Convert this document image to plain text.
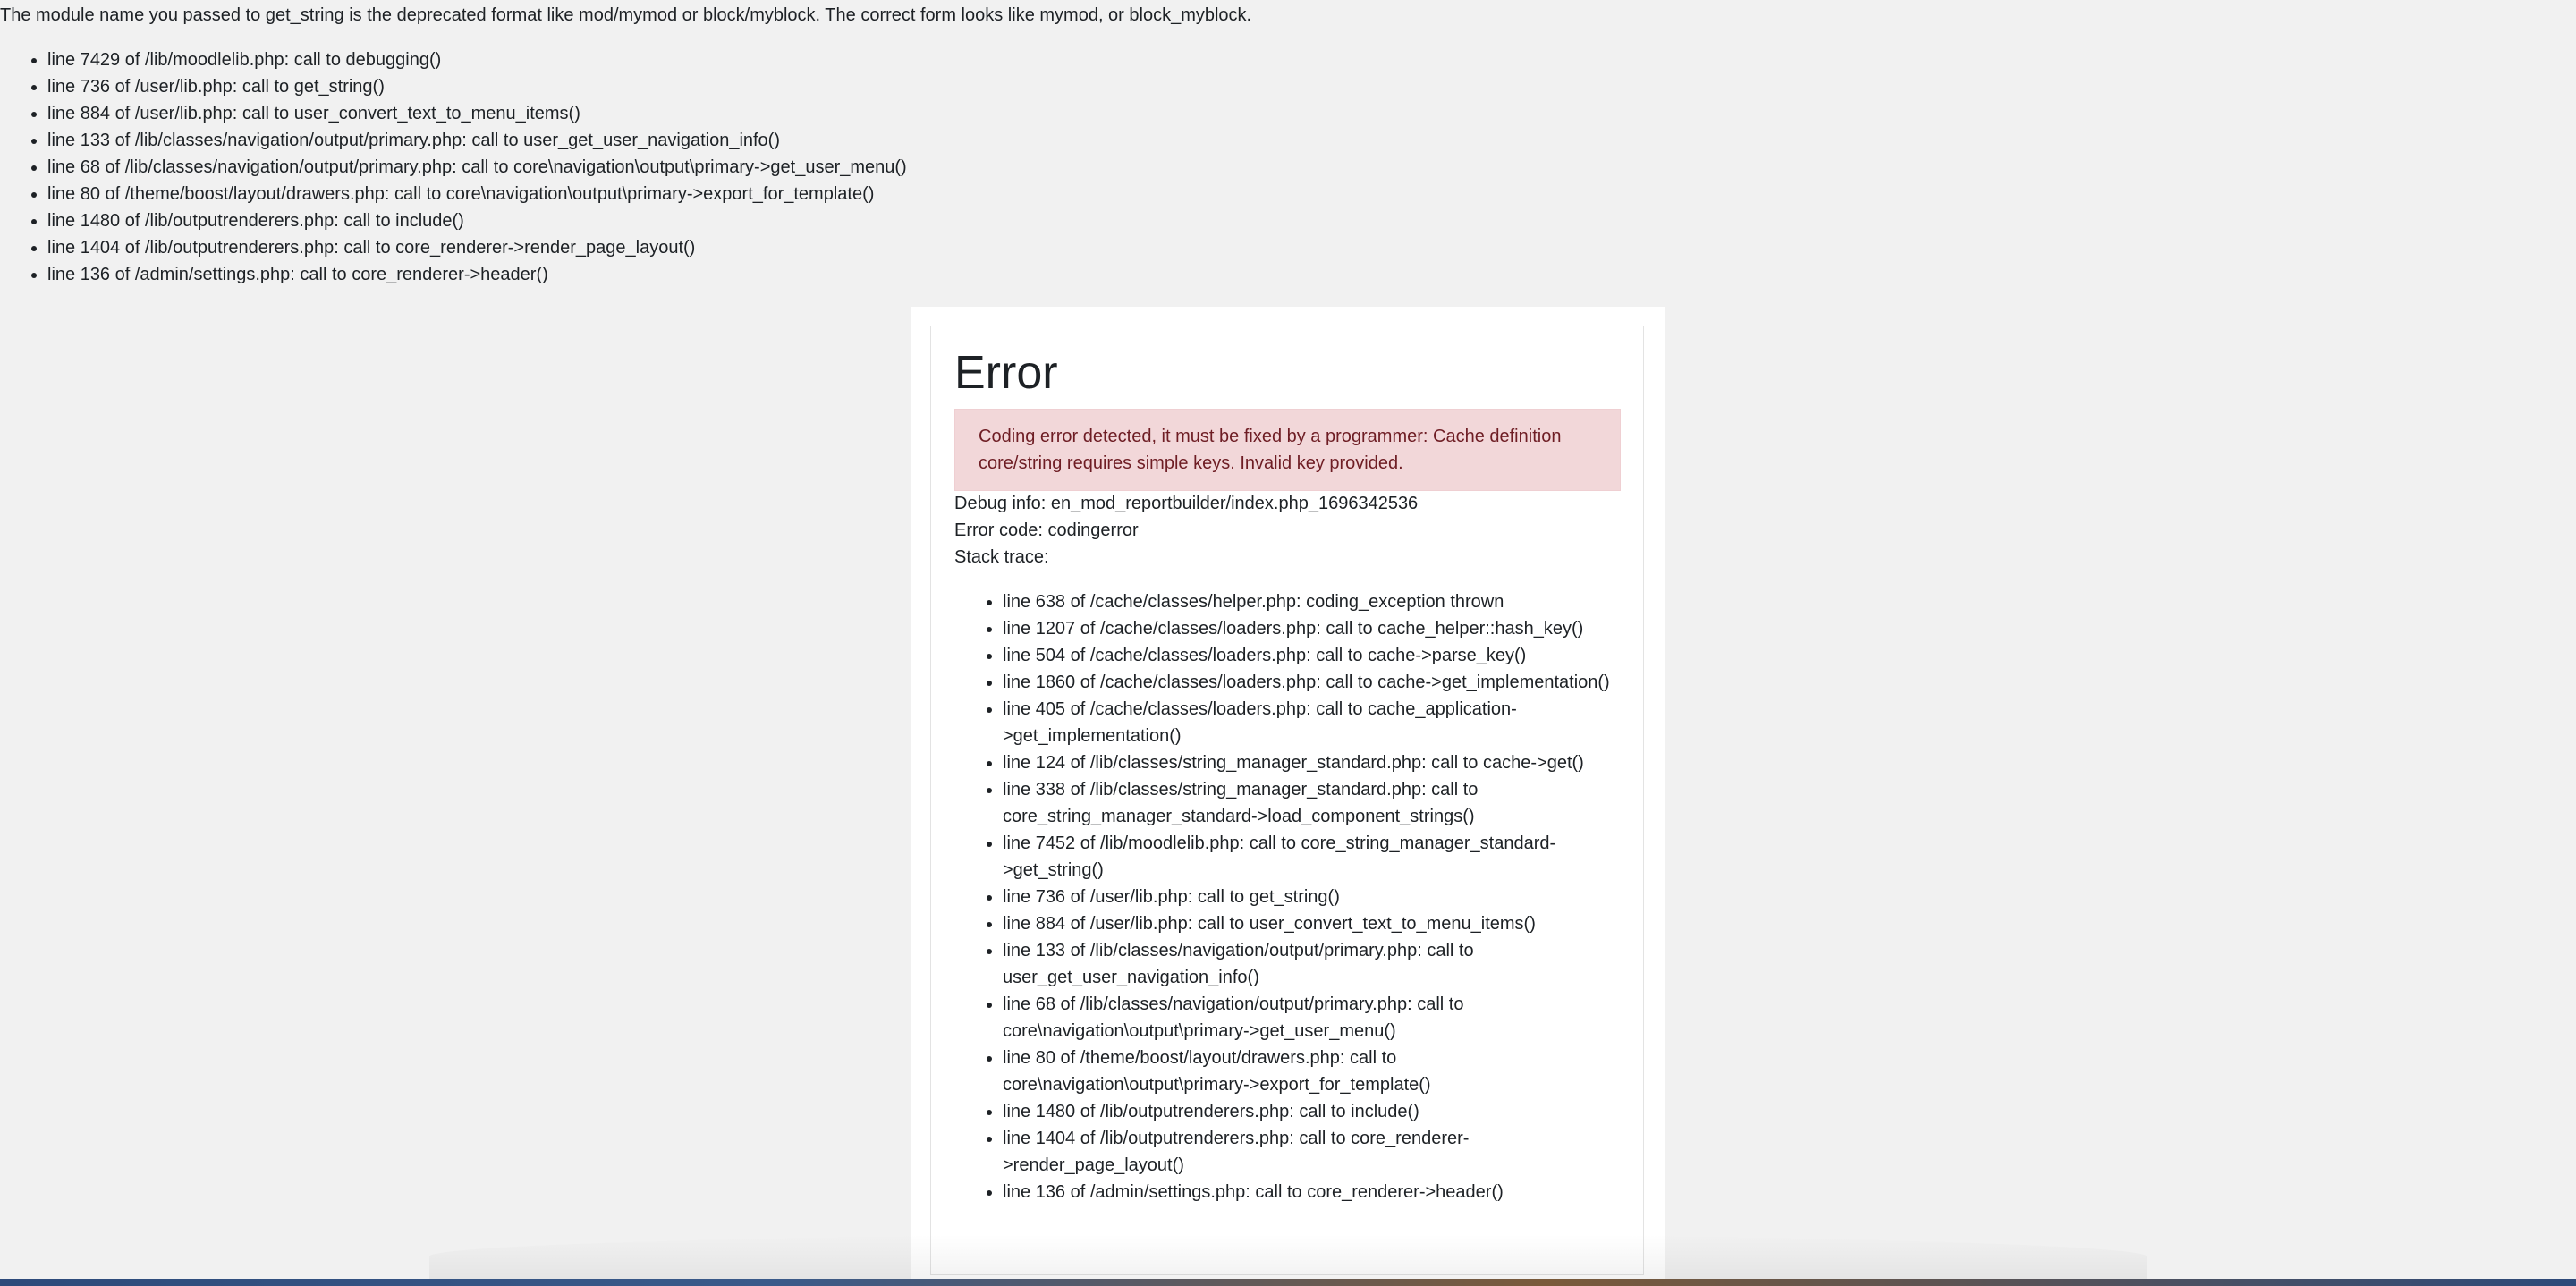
The module name you passed to get_string is the deprecated format like mod/mymod or block/myblock. The correct form looks like mymod, or block_myblock.
• line 7429 of /lib/moodlelib.php: call to debugging()
• line 736 of /user/lib.php: call to get_string()
• line 884 of /user/lib.php: call to user_convert_text_to_menu_items()
• line 133 of /lib/classes/navigation/output/primary.php: call to user_get_user_navigation_info()
• line 68 of /lib/classes/navigation/output/primary.php: call to core\navigation\output\primary->get_user_menu()
• line 80 of /theme/boost/layout/drawers.php: call to core\navigation\output\primary->export_for_template()
• line 1480 of /lib/outputrenderers.php: call to include()
• line 1404 of /lib/outputrenderers.php: call to core_renderer->render_page_layout()
• line 136 of /admin/settings.php: call to core_renderer->header()
Error
Coding error detected, it must be fixed by a programmer: Cache definition core/string requires simple keys. Invalid key provided.
Debug info: en_mod_reportbuilder/index.php_1696342536
Error code: codingerror
Stack trace:
• line 638 of /cache/classes/helper.php: coding_exception thrown
• line 1207 of /cache/classes/loaders.php: call to cache_helper::hash_key()
• line 504 of /cache/classes/loaders.php: call to cache->parse_key()
• line 1860 of /cache/classes/loaders.php: call to cache->get_implementation()
• line 405 of /cache/classes/loaders.php: call to cache_application->get_implementation()
• line 124 of /lib/classes/string_manager_standard.php: call to cache->get()
• line 338 of /lib/classes/string_manager_standard.php: call to core_string_manager_standard->load_component_strings()
• line 7452 of /lib/moodlelib.php: call to core_string_manager_standard->get_string()
• line 736 of /user/lib.php: call to get_string()
• line 884 of /user/lib.php: call to user_convert_text_to_menu_items()
• line 133 of /lib/classes/navigation/output/primary.php: call to user_get_user_navigation_info()
• line 68 of /lib/classes/navigation/output/primary.php: call to core\navigation\output\primary->get_user_menu()
• line 80 of /theme/boost/layout/drawers.php: call to core\navigation\output\primary->export_for_template()
• line 1480 of /lib/outputrenderers.php: call to include()
• line 1404 of /lib/outputrenderers.php: call to core_renderer->render_page_layout()
• line 136 of /admin/settings.php: call to core_renderer->header()
